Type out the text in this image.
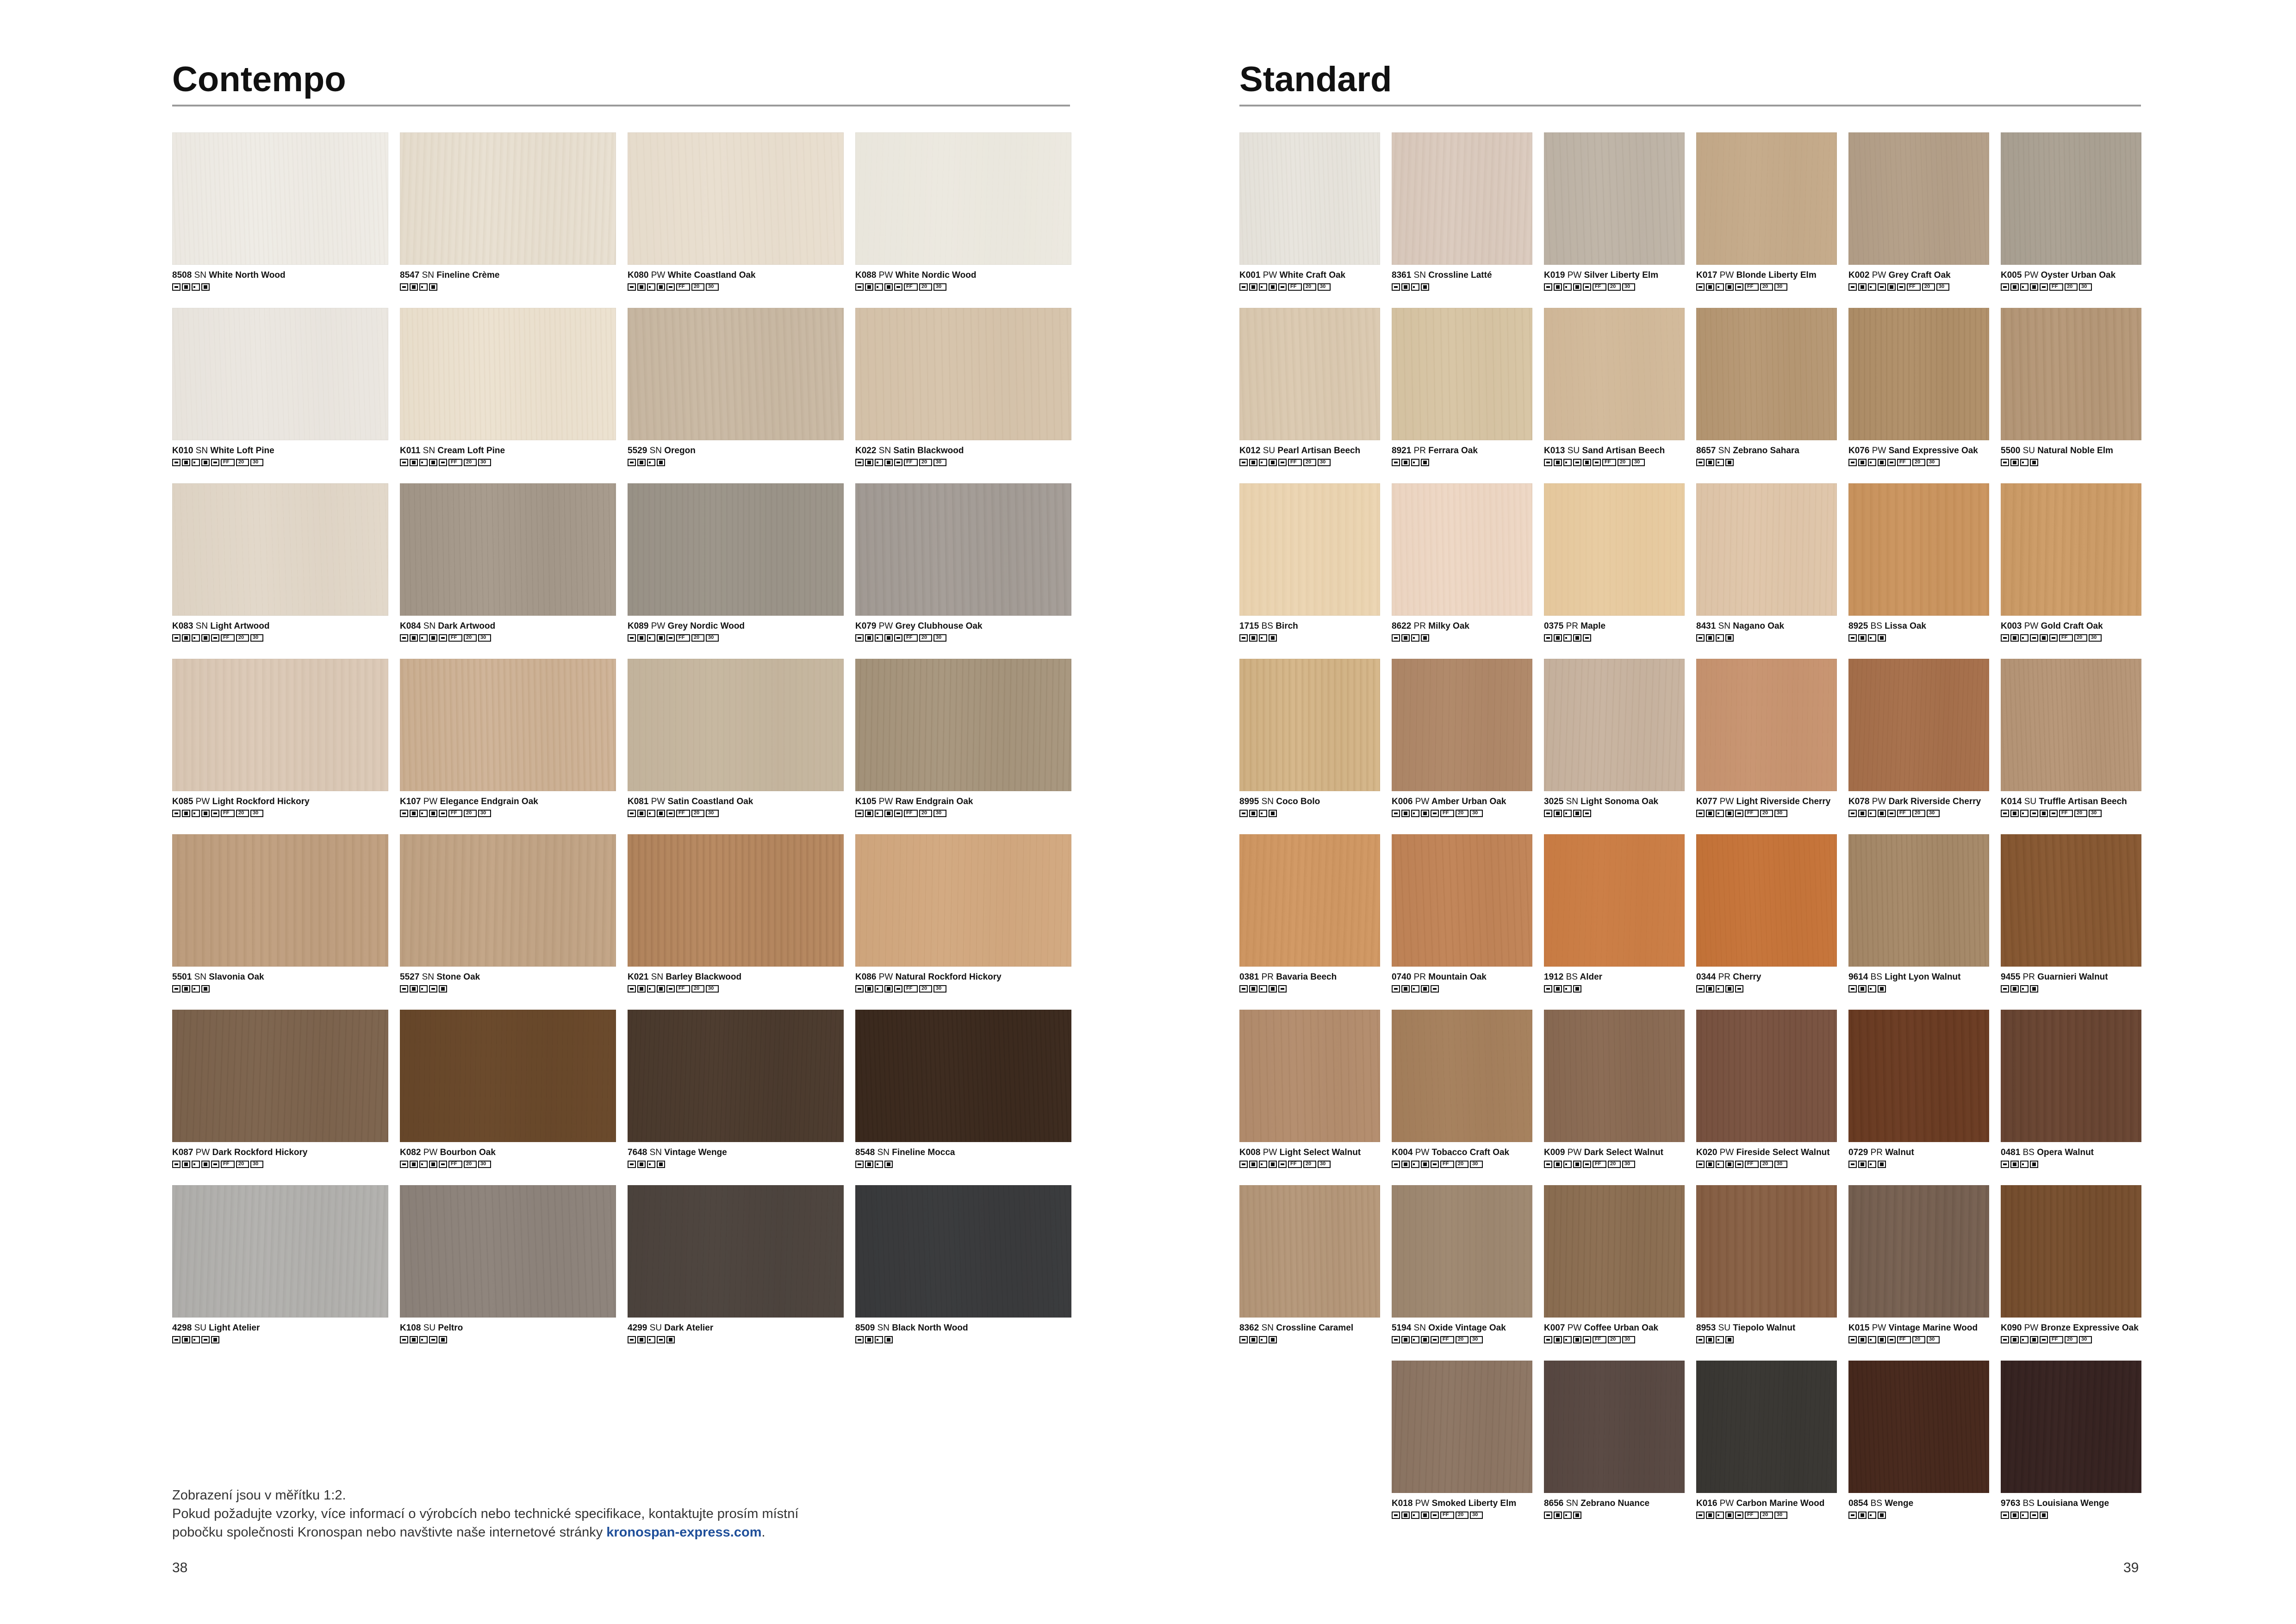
Contempo	Standard
8508 SN White North Wood	8547 SN Fineline Crème	K080 PW White Coastland Oak
FF
20
30	K088 PW White Nordic Wood
FF
20
30
K010 SN White Loft Pine
FF
20
30	K011 SN Cream Loft Pine
FF
20
30	5529 SN Oregon	K022 SN Satin Blackwood
FF
20
30
K083 SN Light Artwood
FF
20
30	K084 SN Dark Artwood
FF
20
30	K089 PW Grey Nordic Wood
FF
20
30	K079 PW Grey Clubhouse Oak
FF
20
30
K085 PW Light Rockford Hickory
FF
20
30	K107 PW Elegance Endgrain Oak
FF
20
30	K081 PW Satin Coastland Oak
FF
20
30	K105 PW Raw Endgrain Oak
FF
20
30
5501 SN Slavonia Oak	5527 SN Stone Oak	K021 SN Barley Blackwood
FF
20
30	K086 PW Natural Rockford Hickory
FF
20
30
K087 PW Dark Rockford Hickory
FF
20
30	K082 PW Bourbon Oak
FF
20
30	7648 SN Vintage Wenge	8548 SN Fineline Mocca
4298 SU Light Atelier	K108 SU Peltro	4299 SU Dark Atelier	8509 SN Black North Wood
K001 PW White Craft Oak
FF
20
30	8361 SN Crossline Latté	K019 PW Silver Liberty Elm
FF
20
30	K017 PW Blonde Liberty Elm
FF
20
30	K002 PW Grey Craft Oak
FF
20
30	K005 PW Oyster Urban Oak
FF
20
30
K012 SU Pearl Artisan Beech
FF
20
30	8921 PR Ferrara Oak	K013 SU Sand Artisan Beech
FF
20
30	8657 SN Zebrano Sahara	K076 PW Sand Expressive Oak
FF
20
30	5500 SU Natural Noble Elm
1715 BS Birch	8622 PR Milky Oak	0375 PR Maple	8431 SN Nagano Oak	8925 BS Lissa Oak	K003 PW Gold Craft Oak
FF
20
30
8995 SN Coco Bolo	K006 PW Amber Urban Oak
FF
20
30	3025 SN Light Sonoma Oak	K077 PW Light Riverside Cherry
FF
20
30	K078 PW Dark Riverside Cherry
FF
20
30	K014 SU Truffle Artisan Beech
FF
20
30
0381 PR Bavaria Beech	0740 PR Mountain Oak	1912 BS Alder	0344 PR Cherry	9614 BS Light Lyon Walnut	9455 PR Guarnieri Walnut
K008 PW Light Select Walnut
FF
20
30	K004 PW Tobacco Craft Oak
FF
20
30	K009 PW Dark Select Walnut
FF
20
30	K020 PW Fireside Select Walnut
FF
20
30	0729 PR Walnut	0481 BS Opera Walnut
8362 SN Crossline Caramel	5194 SN Oxide Vintage Oak
FF
20
30	K007 PW Coffee Urban Oak
FF
20
30	8953 SU Tiepolo Walnut	K015 PW Vintage Marine Wood
FF
20
30	K090 PW Bronze Expressive Oak
FF
20
30
K018 PW Smoked Liberty Elm
FF
20
30	8656 SN Zebrano Nuance	K016 PW Carbon Marine Wood
FF
20
30	0854 BS Wenge	9763 BS Louisiana Wenge
Zobrazení jsou v měřítku 1:2.
Pokud požadujte vzorky, více informací o výrobcích nebo technické specifikace, kontaktujte prosím místní
pobočku společnosti Kronospan nebo navštivte naše internetové stránky kronospan-express.com.
38	39
